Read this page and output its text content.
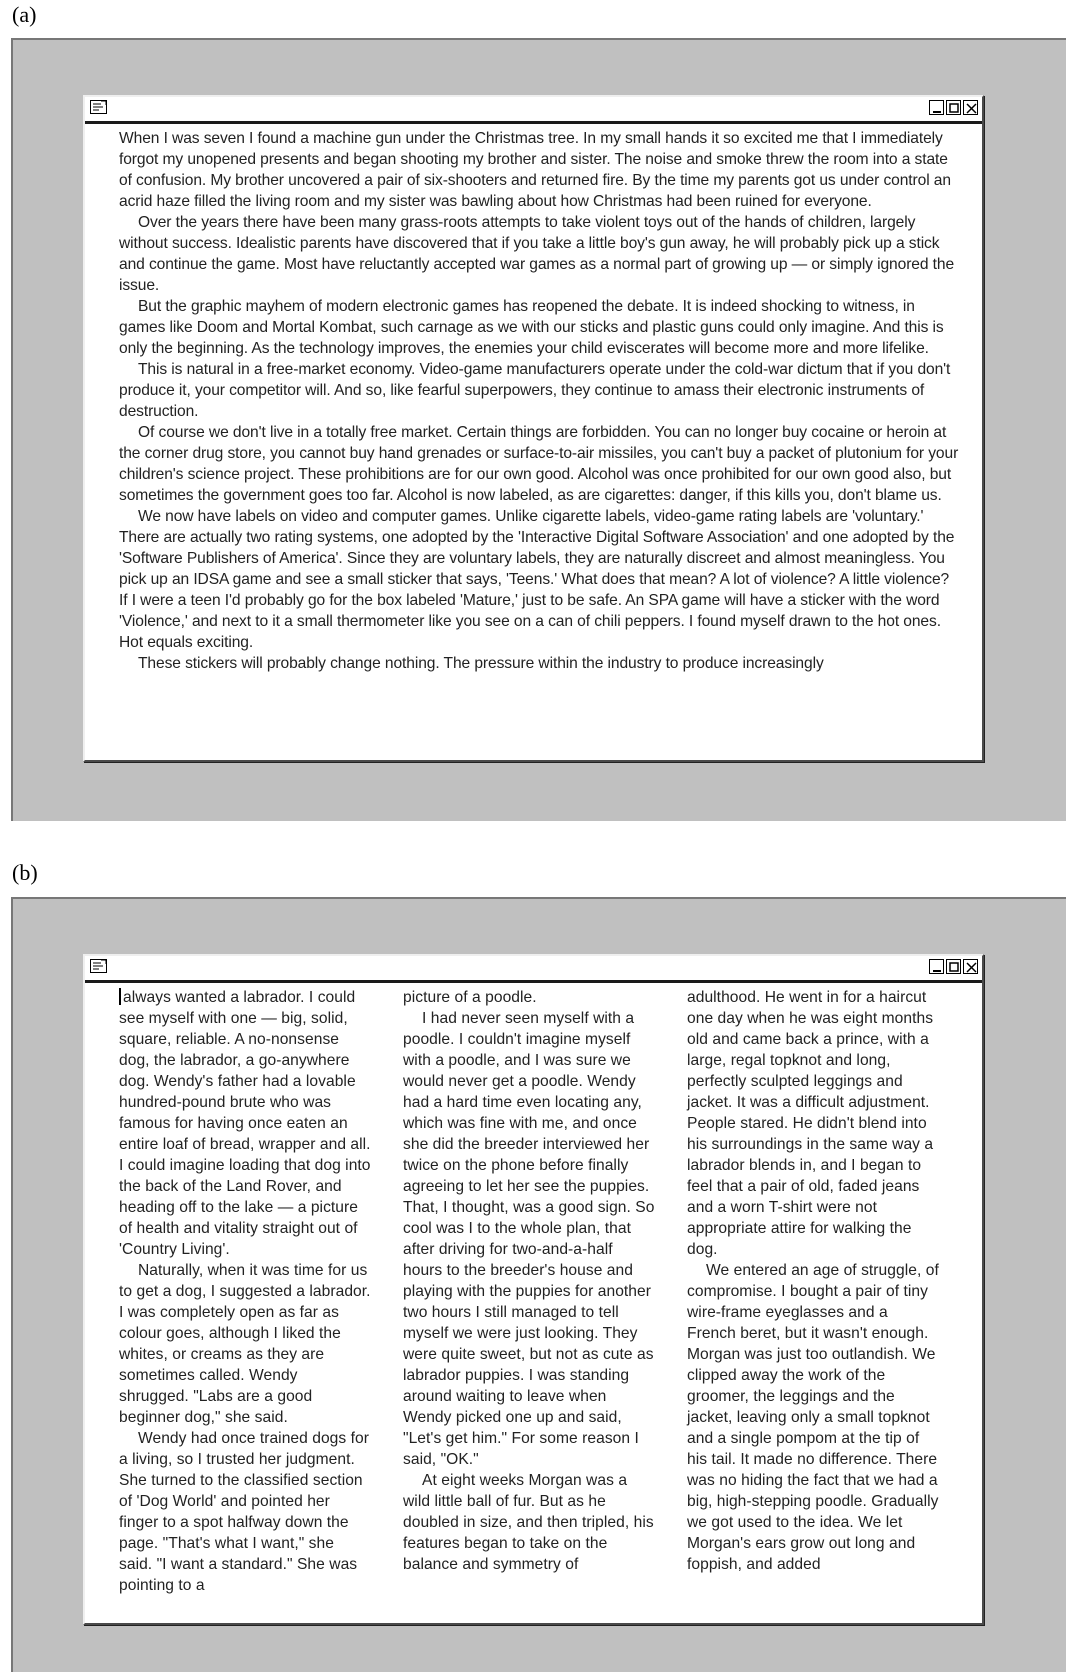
(a)

When I was seven I found a machine gun under the Christmas tree. In my small hands it so excited me that I immediately forgot my unopened presents and began shooting my brother and sister. The noise and smoke threw the room into a state of confusion. My brother uncovered a pair of six-shooters and returned fire. By the time my parents got us under control an acrid haze filled the living room and my sister was bawling about how Christmas had been ruined for everyone.

Over the years there have been many grass-roots attempts to take violent toys out of the hands of children, largely without success. Idealistic parents have discovered that if you take a little boy's gun away, he will probably pick up a stick and continue the game. Most have reluctantly accepted war games as a normal part of growing up — or simply ignored the issue.

But the graphic mayhem of modern electronic games has reopened the debate. It is indeed shocking to witness, in games like Doom and Mortal Kombat, such carnage as we with our sticks and plastic guns could only imagine. And this is only the beginning. As the technology improves, the enemies your child eviscerates will become more and more lifelike.

This is natural in a free-market economy. Video-game manufacturers operate under the cold-war dictum that if you don't produce it, your competitor will. And so, like fearful superpowers, they continue to amass their electronic instruments of destruction.

Of course we don't live in a totally free market. Certain things are forbidden. You can no longer buy cocaine or heroin at the corner drug store, you cannot buy hand grenades or surface-to-air missiles, you can't buy a packet of plutonium for your children's science project. These prohibitions are for our own good. Alcohol was once prohibited for our own good also, but sometimes the government goes too far. Alcohol is now labeled, as are cigarettes: danger, if this kills you, don't blame us.

We now have labels on video and computer games. Unlike cigarette labels, video-game rating labels are 'voluntary.' There are actually two rating systems, one adopted by the 'Interactive Digital Software Association' and one adopted by the 'Software Publishers of America'. Since they are voluntary labels, they are naturally discreet and almost meaningless. You pick up an IDSA game and see a small sticker that says, 'Teens.' What does that mean? A lot of violence? A little violence? If I were a teen I'd probably go for the box labeled 'Mature,' just to be safe. An SPA game will have a sticker with the word 'Violence,' and next to it a small thermometer like you see on a can of chili peppers. I found myself drawn to the hot ones. Hot equals exciting.

These stickers will probably change nothing. The pressure within the industry to produce increasingly

(b)

always wanted a labrador. I could see myself with one — big, solid, square, reliable. A no-nonsense dog, the labrador, a go-anywhere dog. Wendy's father had a lovable hundred-pound brute who was famous for having once eaten an entire loaf of bread, wrapper and all. I could imagine loading that dog into the back of the Land Rover, and heading off to the lake — a picture of health and vitality straight out of 'Country Living'.

Naturally, when it was time for us to get a dog, I suggested a labrador. I was completely open as far as colour goes, although I liked the whites, or creams as they are sometimes called. Wendy shrugged. "Labs are a good beginner dog," she said.

Wendy had once trained dogs for a living, so I trusted her judgment. She turned to the classified section of 'Dog World' and pointed her finger to a spot halfway down the page. "That's what I want," she said. "I want a standard." She was pointing to a

picture of a poodle.

I had never seen myself with a poodle. I couldn't imagine myself with a poodle, and I was sure we would never get a poodle. Wendy had a hard time even locating any, which was fine with me, and once she did the breeder interviewed her twice on the phone before finally agreeing to let her see the puppies. That, I thought, was a good sign. So cool was I to the whole plan, that after driving for two-and-a-half hours to the breeder's house and playing with the puppies for another two hours I still managed to tell myself we were just looking. They were quite sweet, but not as cute as labrador puppies. I was standing around waiting to leave when Wendy picked one up and said, "Let's get him." For some reason I said, "OK."

At eight weeks Morgan was a wild little ball of fur. But as he doubled in size, and then tripled, his features began to take on the balance and symmetry of

adulthood. He went in for a haircut one day when he was eight months old and came back a prince, with a large, regal topknot and long, perfectly sculpted leggings and jacket. It was a difficult adjustment. People stared. He didn't blend into his surroundings in the same way a labrador blends in, and I began to feel that a pair of old, faded jeans and a worn T-shirt were not appropriate attire for walking the dog.

We entered an age of struggle, of compromise. I bought a pair of tiny wire-frame eyeglasses and a French beret, but it wasn't enough. Morgan was just too outlandish. We clipped away the work of the groomer, the leggings and the jacket, leaving only a small topknot and a single pompom at the tip of his tail. It made no difference. There was no hiding the fact that we had a big, high-stepping poodle. Gradually we got used to the idea. We let Morgan's ears grow out long and foppish, and added
